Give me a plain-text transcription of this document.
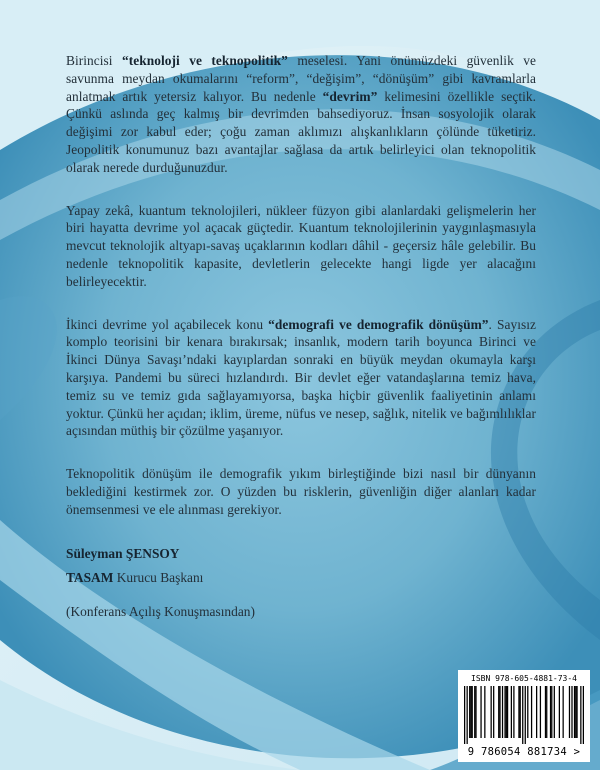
Birincisi “teknoloji ve teknopolitik” meselesi. Yani önümüzdeki güvenlik ve savunma meydan okumalarını “reform”, “değişim”, “dönüşüm” gibi kavramlarla anlatmak artık yetersiz kalıyor. Bu nedenle “devrim” kelimesini özellikle seçtik. Çünkü aslında geç kalmış bir devrimden bahsediyoruz. İnsan sosyolojik olarak değişimi zor kabul eder; çoğu zaman aklımızı alışkanlıkların çölünde tüketiriz. Jeopolitik konumunuz bazı avantajlar sağlasa da artık belirleyici olan teknopolitik olarak nerede durduğunuzdur.

Yapay zekâ, kuantum teknolojileri, nükleer füzyon gibi alanlardaki gelişmelerin her biri hayatta devrime yol açacak güçtedir. Kuantum teknolojilerinin yaygınlaşmasıyla mevcut teknolojik altyapı-savaş uçaklarının kodları dâhil - geçersiz hâle gelebilir. Bu nedenle teknopolitik kapasite, devletlerin gelecekte hangi ligde yer alacağını belirleyecektir.

İkinci devrime yol açabilecek konu “demografi ve demografik dönüşüm”. Sayısız komplo teorisini bir kenara bırakırsak; insanlık, modern tarih boyunca Birinci ve İkinci Dünya Savaşı’ndaki kayıplardan sonraki en büyük meydan okumayla karşı karşıya. Pandemi bu süreci hızlandırdı. Bir devlet eğer vatandaşlarına temiz hava, temiz su ve temiz gıda sağlayamıyorsa, başka hiçbir güvenlik faaliyetinin anlamı yoktur. Çünkü her açıdan; iklim, üreme, nüfus ve nesep, sağlık, nitelik ve bağımlılıklar açısından müthiş bir çözülme yaşanıyor.

Teknopolitik dönüşüm ile demografik yıkım birleştiğinde bizi nasıl bir dünyanın beklediğini kestirmek zor. O yüzden bu risklerin, güvenliğin diğer alanları kadar önemsenmesi ve ele alınması gerekiyor.

Süleyman ŞENSOY
TASAM Kurucu Başkanı
(Konferans Açılış Konuşmasından)
ISBN 978-605-4881-73-4
9 786054 881734 >
